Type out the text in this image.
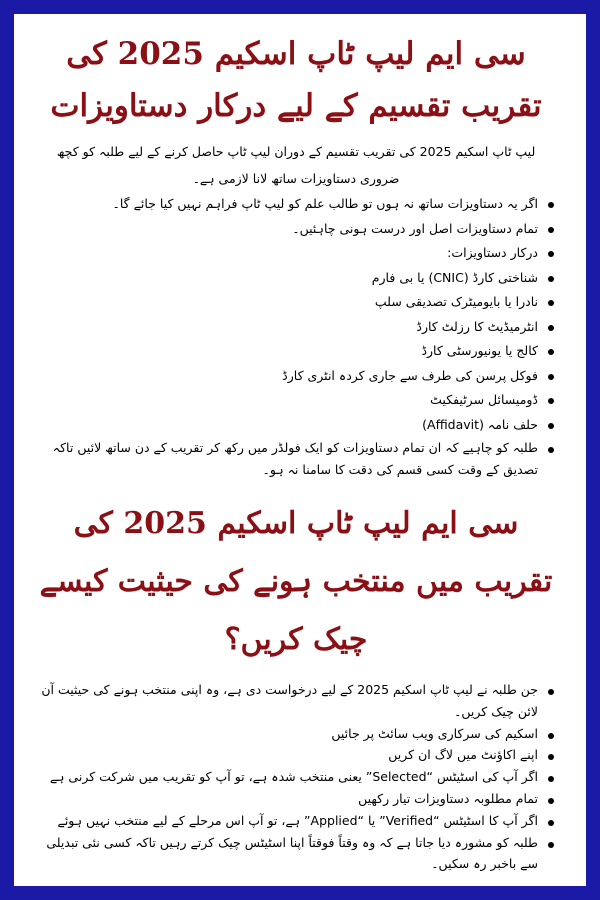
سی ایم لیپ ٹاپ اسکیم 2025 کی تقریب تقسیم کے لیے درکار دستاویزات

لیپ ٹاپ اسکیم 2025 کی تقریب تقسیم کے دوران لیپ ٹاپ حاصل کرنے کے لیے طلبہ کو کچھ ضروری دستاویزات ساتھ لانا لازمی ہے۔

اگر یہ دستاویزات ساتھ نہ ہوں تو طالب علم کو لیپ ٹاپ فراہم نہیں کیا جائے گا۔
تمام دستاویزات اصل اور درست ہونی چاہئیں۔
درکار دستاویزات:
شناختی کارڈ (CNIC) یا بی فارم
نادرا یا بایومیٹرک تصدیقی سلپ
انٹرمیڈیٹ کا رزلٹ کارڈ
کالج یا یونیورسٹی کارڈ
فوکل پرسن کی طرف سے جاری کردہ انٹری کارڈ
ڈومیسائل سرٹیفکیٹ
حلف نامہ (Affidavit)
طلبہ کو چاہیے کہ ان تمام دستاویزات کو ایک فولڈر میں رکھ کر تقریب کے دن ساتھ لائیں تاکہ تصدیق کے وقت کسی قسم کی دقت کا سامنا نہ ہو۔
سی ایم لیپ ٹاپ اسکیم 2025 کی تقریب میں منتخب ہونے کی حیثیت کیسے چیک کریں؟
جن طلبہ نے لیپ ٹاپ اسکیم 2025 کے لیے درخواست دی ہے، وہ اپنی منتخب ہونے کی حیثیت آن لائن چیک کریں۔
اسکیم کی سرکاری ویب سائٹ پر جائیں
اپنے اکاؤنٹ میں لاگ ان کریں
اگر آپ کی اسٹیٹس “Selected” یعنی منتخب شدہ ہے، تو آپ کو تقریب میں شرکت کرنی ہے
تمام مطلوبہ دستاویزات تیار رکھیں
اگر آپ کا اسٹیٹس “Verified” یا “Applied” ہے، تو آپ اس مرحلے کے لیے منتخب نہیں ہوئے
طلبہ کو مشورہ دیا جاتا ہے کہ وہ وقتاً فوقتاً اپنا اسٹیٹس چیک کرتے رہیں تاکہ کسی نئی تبدیلی سے باخبر رہ سکیں۔
